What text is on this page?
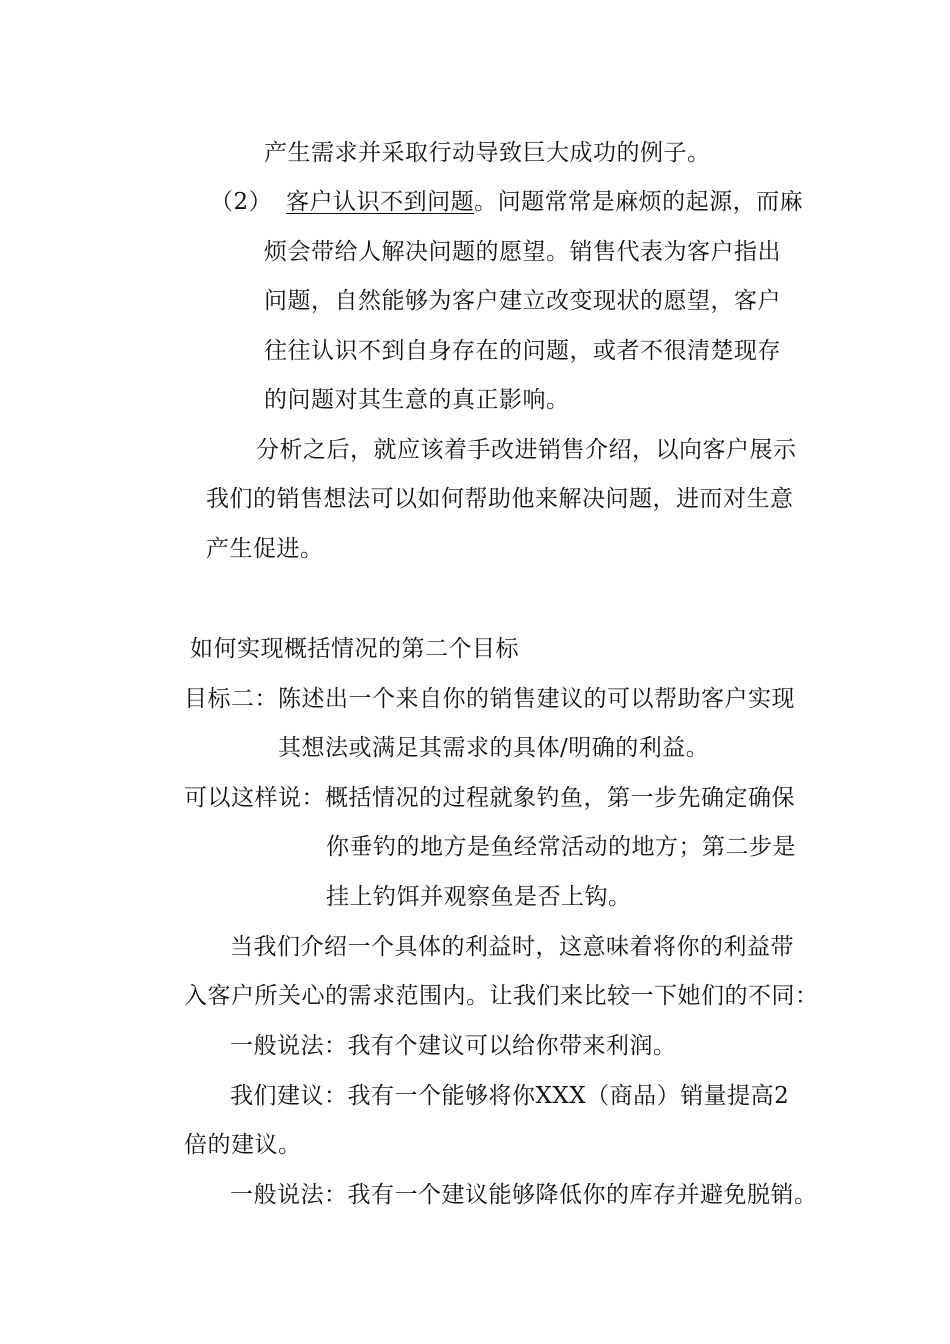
产生需求并采取行动导致巨大成功的例子。
（2） 客户认识不到问题。问题常常是麻烦的起源，而麻
烦会带给人解决问题的愿望。销售代表为客户指出
问题，自然能够为客户建立改变现状的愿望，客户
往往认识不到自身存在的问题，或者不很清楚现存
的问题对其生意的真正影响。
分析之后，就应该着手改进销售介绍，以向客户展示
我们的销售想法可以如何帮助他来解决问题，进而对生意
产生促进。
如何实现概括情况的第二个目标
目标二：陈述出一个来自你的销售建议的可以帮助客户实现
其想法或满足其需求的具体/明确的利益。
可以这样说：概括情况的过程就象钓鱼，第一步先确定确保
你垂钓的地方是鱼经常活动的地方；第二步是
挂上钓饵并观察鱼是否上钩。
当我们介绍一个具体的利益时，这意味着将你的利益带
入客户所关心的需求范围内。让我们来比较一下她们的不同：
一般说法：我有个建议可以给你带来利润。
我们建议：我有一个能够将你XXX（商品）销量提高2
倍的建议。
一般说法：我有一个建议能够降低你的库存并避免脱销。
